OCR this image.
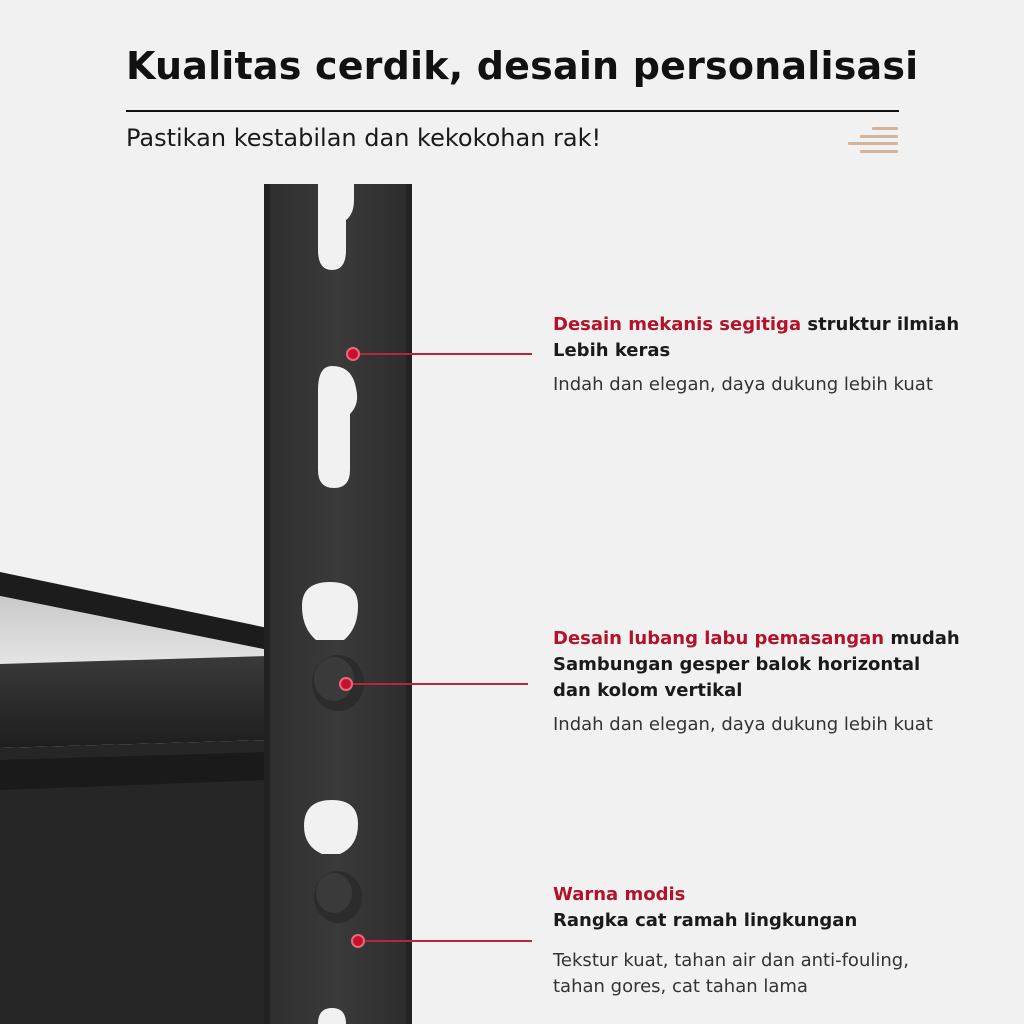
Kualitas cerdik, desain personalisasi
Pastikan kestabilan dan kekokohan rak!
Desain mekanis segitiga struktur ilmiah
Lebih keras
Indah dan elegan, daya dukung lebih kuat
Desain lubang labu pemasangan mudah
Sambungan gesper balok horizontal
dan kolom vertikal
Indah dan elegan, daya dukung lebih kuat
Warna modis
Rangka cat ramah lingkungan
Tekstur kuat, tahan air dan anti-fouling,
tahan gores, cat tahan lama
